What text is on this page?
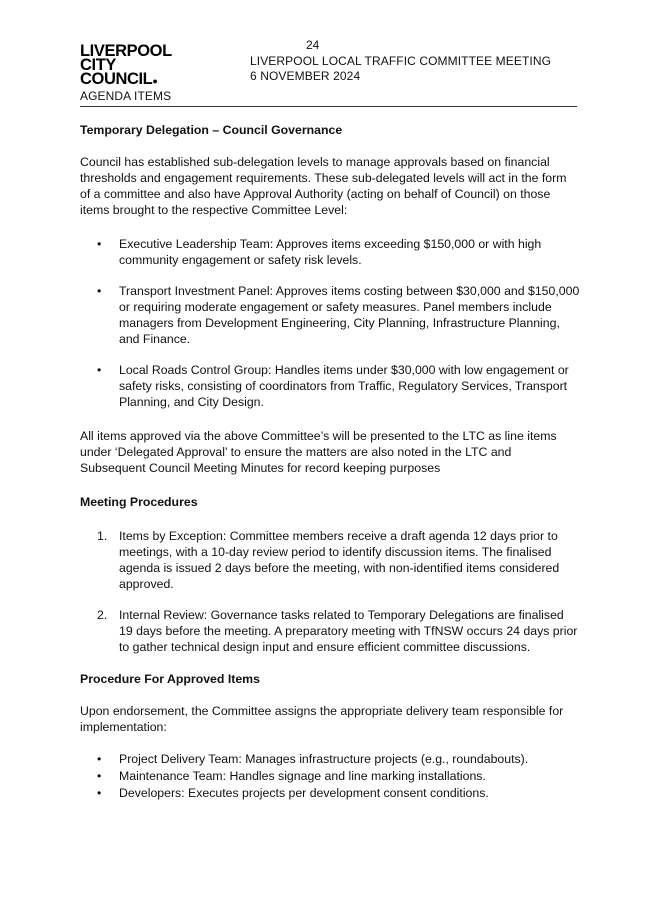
LIVERPOOL
CITY
COUNCIL●
AGENDA ITEMS
24
LIVERPOOL LOCAL TRAFFIC COMMITTEE MEETING
6 NOVEMBER 2024
Temporary Delegation – Council Governance

Council has established sub-delegation levels to manage approvals based on financial thresholds and engagement requirements. These sub-delegated levels will act in the form of a committee and also have Approval Authority (acting on behalf of Council) on those items brought to the respective Committee Level:

• Executive Leadership Team: Approves items exceeding $150,000 or with high community engagement or safety risk levels.
• Transport Investment Panel: Approves items costing between $30,000 and $150,000 or requiring moderate engagement or safety measures. Panel members include managers from Development Engineering, City Planning, Infrastructure Planning, and Finance.
• Local Roads Control Group: Handles items under $30,000 with low engagement or safety risks, consisting of coordinators from Traffic, Regulatory Services, Transport Planning, and City Design.

All items approved via the above Committee’s will be presented to the LTC as line items under ‘Delegated Approval’ to ensure the matters are also noted in the LTC and Subsequent Council Meeting Minutes for record keeping purposes

Meeting Procedures
1. Items by Exception: Committee members receive a draft agenda 12 days prior to meetings, with a 10-day review period to identify discussion items. The finalised agenda is issued 2 days before the meeting, with non-identified items considered approved.
2. Internal Review: Governance tasks related to Temporary Delegations are finalised 19 days before the meeting. A preparatory meeting with TfNSW occurs 24 days prior to gather technical design input and ensure efficient committee discussions.
Procedure For Approved Items

Upon endorsement, the Committee assigns the appropriate delivery team responsible for implementation:

• Project Delivery Team: Manages infrastructure projects (e.g., roundabouts).
• Maintenance Team: Handles signage and line marking installations.
• Developers: Executes projects per development consent conditions.
